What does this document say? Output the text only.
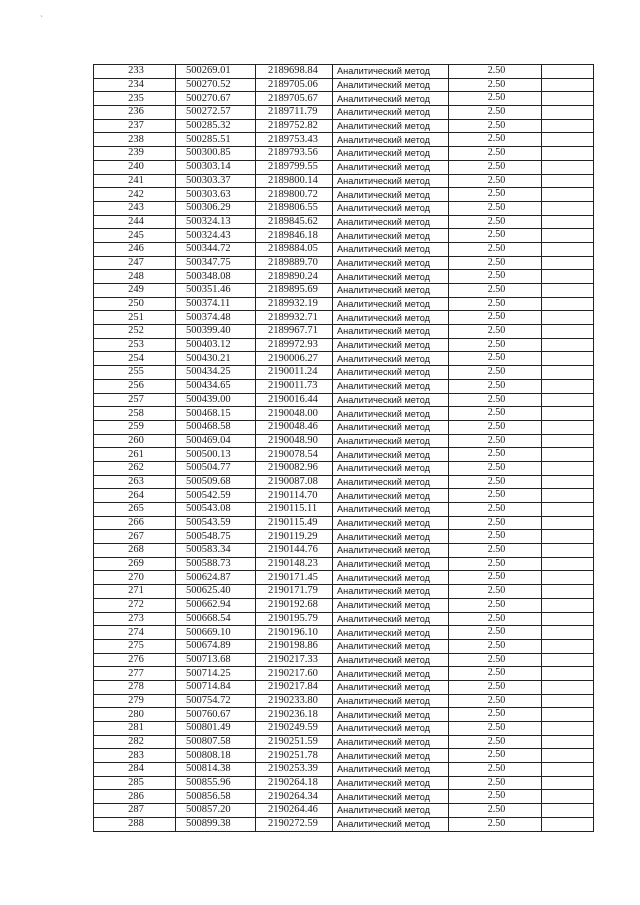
`
233	500269.01	2189698.84	Аналитический метод	2.50	
234	500270.52	2189705.06	Аналитический метод	2.50	
235	500270.67	2189705.67	Аналитический метод	2.50	
236	500272.57	2189711.79	Аналитический метод	2.50	
237	500285.32	2189752.82	Аналитический метод	2.50	
238	500285.51	2189753.43	Аналитический метод	2.50	
239	500300.85	2189793.56	Аналитический метод	2.50	
240	500303.14	2189799.55	Аналитический метод	2.50	
241	500303.37	2189800.14	Аналитический метод	2.50	
242	500303.63	2189800.72	Аналитический метод	2.50	
243	500306.29	2189806.55	Аналитический метод	2.50	
244	500324.13	2189845.62	Аналитический метод	2.50	
245	500324.43	2189846.18	Аналитический метод	2.50	
246	500344.72	2189884.05	Аналитический метод	2.50	
247	500347.75	2189889.70	Аналитический метод	2.50	
248	500348.08	2189890.24	Аналитический метод	2.50	
249	500351.46	2189895.69	Аналитический метод	2.50	
250	500374.11	2189932.19	Аналитический метод	2.50	
251	500374.48	2189932.71	Аналитический метод	2.50	
252	500399.40	2189967.71	Аналитический метод	2.50	
253	500403.12	2189972.93	Аналитический метод	2.50	
254	500430.21	2190006.27	Аналитический метод	2.50	
255	500434.25	2190011.24	Аналитический метод	2.50	
256	500434.65	2190011.73	Аналитический метод	2.50	
257	500439.00	2190016.44	Аналитический метод	2.50	
258	500468.15	2190048.00	Аналитический метод	2.50	
259	500468.58	2190048.46	Аналитический метод	2.50	
260	500469.04	2190048.90	Аналитический метод	2.50	
261	500500.13	2190078.54	Аналитический метод	2.50	
262	500504.77	2190082.96	Аналитический метод	2.50	
263	500509.68	2190087.08	Аналитический метод	2.50	
264	500542.59	2190114.70	Аналитический метод	2.50	
265	500543.08	2190115.11	Аналитический метод	2.50	
266	500543.59	2190115.49	Аналитический метод	2.50	
267	500548.75	2190119.29	Аналитический метод	2.50	
268	500583.34	2190144.76	Аналитический метод	2.50	
269	500588.73	2190148.23	Аналитический метод	2.50	
270	500624.87	2190171.45	Аналитический метод	2.50	
271	500625.40	2190171.79	Аналитический метод	2.50	
272	500662.94	2190192.68	Аналитический метод	2.50	
273	500668.54	2190195.79	Аналитический метод	2.50	
274	500669.10	2190196.10	Аналитический метод	2.50	
275	500674.89	2190198.86	Аналитический метод	2.50	
276	500713.68	2190217.33	Аналитический метод	2.50	
277	500714.25	2190217.60	Аналитический метод	2.50	
278	500714.84	2190217.84	Аналитический метод	2.50	
279	500754.72	2190233.80	Аналитический метод	2.50	
280	500760.67	2190236.18	Аналитический метод	2.50	
281	500801.49	2190249.59	Аналитический метод	2.50	
282	500807.58	2190251.59	Аналитический метод	2.50	
283	500808.18	2190251.78	Аналитический метод	2.50	
284	500814.38	2190253.39	Аналитический метод	2.50	
285	500855.96	2190264.18	Аналитический метод	2.50	
286	500856.58	2190264.34	Аналитический метод	2.50	
287	500857.20	2190264.46	Аналитический метод	2.50	
288	500899.38	2190272.59	Аналитический метод	2.50	
